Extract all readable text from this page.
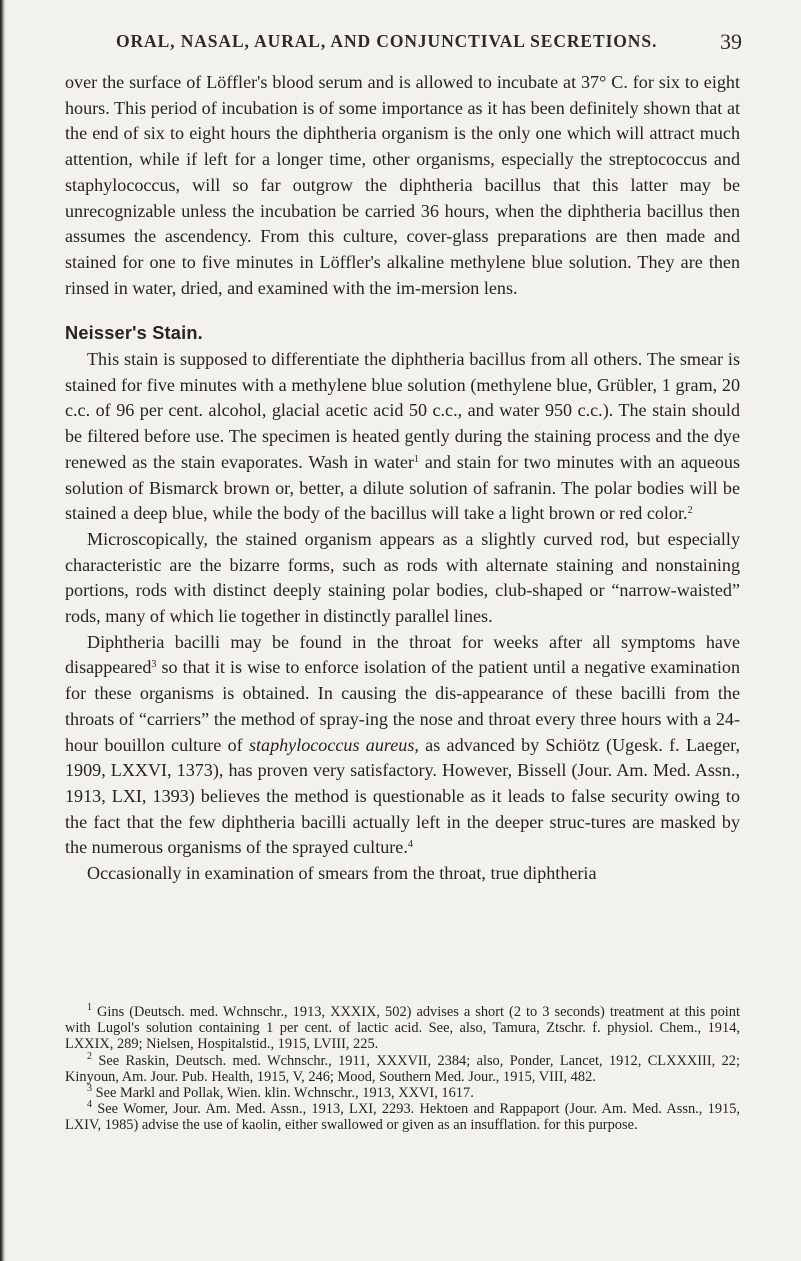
ORAL, NASAL, AURAL, AND CONJUNCTIVAL SECRETIONS.	39

over the surface of Löffler's blood serum and is allowed to incubate at 37° C. for six to eight hours. This period of incubation is of some importance as it has been definitely shown that at the end of six to eight hours the diphtheria organism is the only one which will attract much attention, while if left for a longer time, other organisms, especially the streptococcus and staphylococcus, will so far outgrow the diphtheria bacillus that this latter may be unrecognizable unless the incubation be carried 36 hours, when the diphtheria bacillus then assumes the ascendency. From this culture, cover-glass preparations are then made and stained for one to five minutes in Löffler's alkaline methylene blue solution. They are then rinsed in water, dried, and examined with the im-mersion lens.

Neisser's Stain.

This stain is supposed to differentiate the diphtheria bacillus from all others. The smear is stained for five minutes with a methylene blue solution (methylene blue, Grübler, 1 gram, 20 c.c. of 96 per cent. alcohol, glacial acetic acid 50 c.c., and water 950 c.c.). The stain should be filtered before use. The specimen is heated gently during the staining process and the dye renewed as the stain evaporates. Wash in water$^1$ and stain for two minutes with an aqueous solution of Bismarck brown or, better, a dilute solution of safranin. The polar bodies will be stained a deep blue, while the body of the bacillus will take a light brown or red color.$^2$

Microscopically, the stained organism appears as a slightly curved rod, but especially characteristic are the bizarre forms, such as rods with alternate staining and nonstaining portions, rods with distinct deeply staining polar bodies, club-shaped or “narrow-waisted” rods, many of which lie together in distinctly parallel lines.

Diphtheria bacilli may be found in the throat for weeks after all symptoms have disappeared$^3$ so that it is wise to enforce isolation of the patient until a negative examination for these organisms is obtained. In causing the dis-appearance of these bacilli from the throats of “carriers” the method of spray-ing the nose and throat every three hours with a 24-hour bouillon culture of staphylococcus aureus, as advanced by Schiötz (Ugesk. f. Laeger, 1909, LXXVI, 1373), has proven very satisfactory. However, Bissell (Jour. Am. Med. Assn., 1913, LXI, 1393) believes the method is questionable as it leads to false security owing to the fact that the few diphtheria bacilli actually left in the deeper struc-tures are masked by the numerous organisms of the sprayed culture.$^4$

Occasionally in examination of smears from the throat, true diphtheria

$^1$ Gins (Deutsch. med. Wchnschr., 1913, XXXIX, 502) advises a short (2 to 3 seconds) treatment at this point with Lugol's solution containing 1 per cent. of lactic acid. See, also, Tamura, Ztschr. f. physiol. Chem., 1914, LXXIX, 289; Nielsen, Hospitalstid., 1915, LVIII, 225.

$^2$ See Raskin, Deutsch. med. Wchnschr., 1911, XXXVII, 2384; also, Ponder, Lancet, 1912, CLXXXIII, 22; Kinyoun, Am. Jour. Pub. Health, 1915, V, 246; Mood, Southern Med. Jour., 1915, VIII, 482.

$^3$ See Markl and Pollak, Wien. klin. Wchnschr., 1913, XXVI, 1617.

$^4$ See Womer, Jour. Am. Med. Assn., 1913, LXI, 2293. Hektoen and Rappaport (Jour. Am. Med. Assn., 1915, LXIV, 1985) advise the use of kaolin, either swallowed or given as an insufflation. for this purpose.
